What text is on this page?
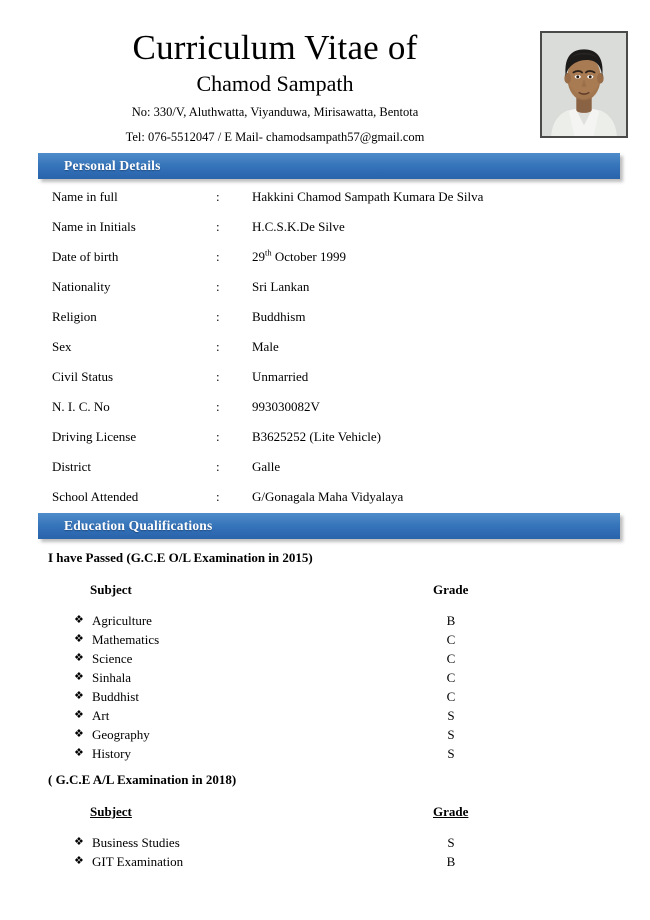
Curriculum Vitae of
Chamod Sampath
No: 330/V, Aluthwatta, Viyanduwa, Mirisawatta, Bentota
Tel: 076-5512047 / E Mail- chamodsampath57@gmail.com
Personal Details
Name in full	: Hakkini Chamod Sampath Kumara De Silva
Name in Initials	: H.C.S.K.De Silve
Date of birth	: 29th October 1999
Nationality	: Sri Lankan
Religion	: Buddhism
Sex	: Male
Civil Status	: Unmarried
N. I. C. No	: 993030082V
Driving License	: B3625252 (Lite Vehicle)
District	: Galle
School Attended	: G/Gonagala Maha Vidyalaya
Education Qualifications
I have Passed (G.C.E O/L Examination in 2015)
Subject	Grade
❖ Agriculture	B
❖ Mathematics	C
❖ Science	C
❖ Sinhala	C
❖ Buddhist	C
❖ Art	S
❖ Geography	S
❖ History	S
( G.C.E A/L Examination in 2018)
Subject	Grade
❖ Business Studies	S
❖ GIT Examination	B
